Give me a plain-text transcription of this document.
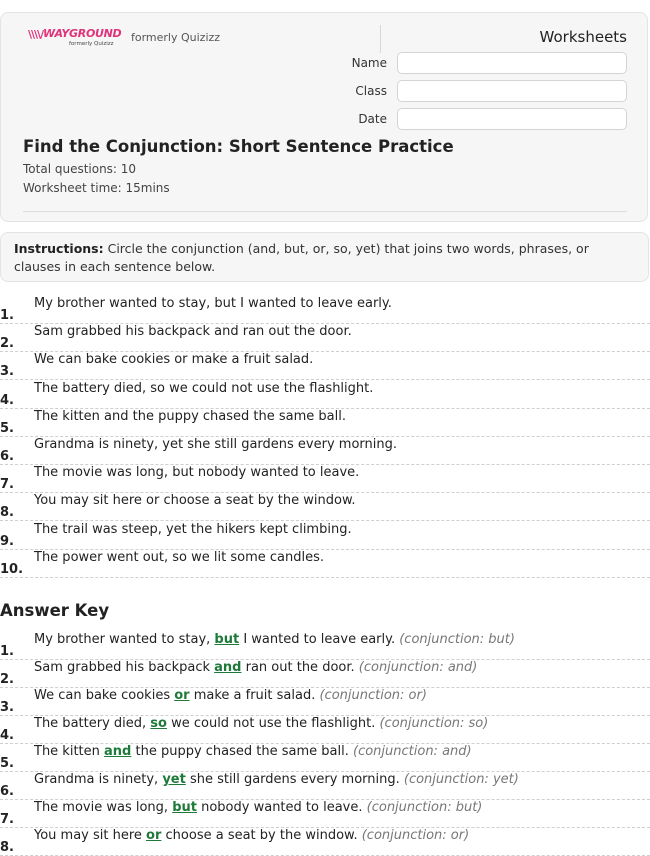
\\\\/ WAYGROUND
formerly Quizizz formerly Quizizz	Worksheets
Name
Class
Date
Find the Conjunction: Short Sentence Practice
Total questions: 10
Worksheet time: 15mins
Instructions: Circle the conjunction (and, but, or, so, yet) that joins two words, phrases, or clauses in each sentence below.
1.
My brother wanted to stay, but I wanted to leave early.
2.
Sam grabbed his backpack and ran out the door.
3.
We can bake cookies or make a fruit salad.
4.
The battery died, so we could not use the flashlight.
5.
The kitten and the puppy chased the same ball.
6.
Grandma is ninety, yet she still gardens every morning.
7.
The movie was long, but nobody wanted to leave.
8.
You may sit here or choose a seat by the window.
9.
The trail was steep, yet the hikers kept climbing.
10.
The power went out, so we lit some candles.
Answer Key
1.
My brother wanted to stay, but I wanted to leave early. (conjunction: but)
2.
Sam grabbed his backpack and ran out the door. (conjunction: and)
3.
We can bake cookies or make a fruit salad. (conjunction: or)
4.
The battery died, so we could not use the flashlight. (conjunction: so)
5.
The kitten and the puppy chased the same ball. (conjunction: and)
6.
Grandma is ninety, yet she still gardens every morning. (conjunction: yet)
7.
The movie was long, but nobody wanted to leave. (conjunction: but)
8.
You may sit here or choose a seat by the window. (conjunction: or)
